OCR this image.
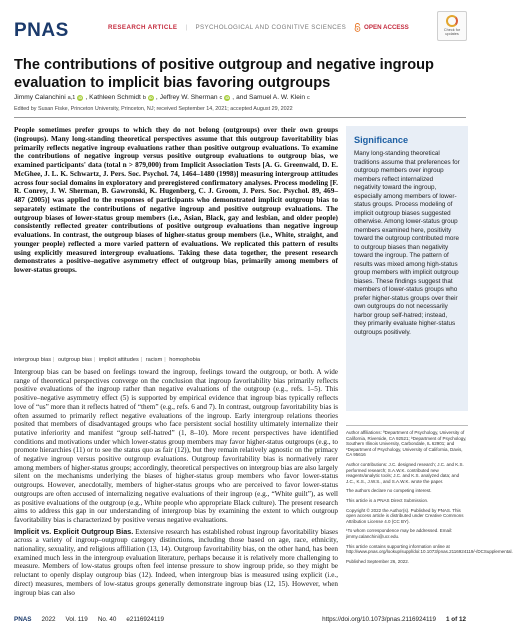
PNAS	RESEARCH ARTICLE | PSYCHOLOGICAL AND COGNITIVE SCIENCES	OPEN ACCESS	Check for updates
The contributions of positive outgroup and negative ingroup evaluation to implicit bias favoring outgroups
Jimmy Calanchini a,1 iD , Kathleen Schmidt b iD , Jeffrey W. Sherman c iD , and Samuel A. W. Klein c
Edited by Susan Fiske, Princeton University, Princeton, NJ; received September 14, 2021; accepted August 29, 2022

People sometimes prefer groups to which they do not belong (outgroups) over their own groups (ingroups). Many long-standing theoretical perspectives assume that this outgroup favoritability bias primarily reflects negative ingroup evaluations rather than positive outgroup evaluations. To examine the contributions of negative ingroup versus positive outgroup evaluations to outgroup bias, we examined participants' data (total n > 879,000) from Implicit Association Tests [A. G. Greenwald, D. E. McGhee, J. L. K. Schwartz, J. Pers. Soc. Psychol. 74, 1464–1480 (1998)] measuring intergroup attitudes across four social domains in exploratory and preregistered confirmatory analyses. Process modeling [F. R. Conrey, J. W. Sherman, B. Gawronski, K. Hugenberg, C. J. Groom, J. Pers. Soc. Psychol. 89, 469–487 (2005)] was applied to the responses of participants who demonstrated implicit outgroup bias to separately estimate the contributions of negative ingroup and positive outgroup evaluations. The outgroup biases of lower-status group members (i.e., Asian, Black, gay and lesbian, and older people) consistently reflected greater contributions of positive outgroup evaluations than negative ingroup evaluations. In contrast, the outgroup biases of higher-status group members (i.e., White, straight, and younger people) reflected a more varied pattern of evaluations. We replicated this pattern of results using explicitly measured intergroup evaluations. Taking these data together, the present research demonstrates a positive–negative asymmetry effect of outgroup bias, primarily among members of lower-status groups.

intergroup bias | outgroup bias | implicit attitudes | racism | homophobia

Intergroup bias can be based on feelings toward the ingroup, feelings toward the outgroup, or both. A wide range of theoretical perspectives converge on the conclusion that ingroup favoritability bias primarily reflects positive evaluations of the ingroup rather than negative evaluations of the outgroup (e.g., refs. 1–5). This positive–negative asymmetry effect (5) is supported by empirical evidence that ingroup bias typically reflects love of “us” more than it reflects hatred of “them” (e.g., refs. 6 and 7). In contrast, outgroup favoritability bias is often assumed to primarily reflect negative evaluations of the ingroup. Early intergroup relations theories posited that members of disadvantaged groups who face persistent social hostility ultimately internalize their putative inferiority and manifest “group self-hatred” (1, 8–10). More recent perspectives have identified conditions and motivations under which lower-status group members may favor higher-status outgroups (e.g., to promote hierarchies (11) or to see the status quo as fair (12)), but they remain relatively agnostic on the primacy of negative ingroup versus positive outgroup evaluations. Outgroup favoritability bias is normatively rarer among members of higher-status groups; accordingly, theoretical perspectives on intergroup bias are also largely silent on the mechanisms underlying the biases of higher-status group members who favor lower-status outgroups. However, anecdotally, members of higher-status groups who are perceived to favor lower-status outgroups are often accused of internalizing negative evaluations of their ingroup (e.g., “White guilt”), as well as positive evaluations of the outgroup (e.g., White people who appropriate Black culture). The present research aims to address this gap in our understanding of intergroup bias by examining the extent to which outgroup favoritability bias is characterized by positive versus negative evaluations.

Implicit vs. Explicit Outgroup Bias. Extensive research has established robust ingroup favoritability biases across a variety of ingroup–outgroup category distinctions, including those based on age, race, ethnicity, nationality, sexuality, and religious affiliation (13, 14). Outgroup favoritability bias, on the other hand, has been examined much less in the intergroup evaluation literature, perhaps because it is relatively more challenging to measure. Members of low-status groups often feel intense pressure to show ingroup pride, so they might be reluctant to openly display outgroup bias (12). Indeed, when intergroup bias is measured using explicit (i.e., direct) measures, members of low-status groups generally demonstrate ingroup bias (12, 15). However, when ingroup bias can also

Significance

Many long-standing theoretical traditions assume that preferences for outgroup members over ingroup members reflect internalized negativity toward the ingroup, especially among members of lower-status groups. Process modeling of implicit outgroup biases suggested otherwise. Among lower-status group members examined here, positivity toward the outgroup contributed more to outgroup biases than negativity toward the ingroup. The pattern of results was mixed among high-status group members with implicit outgroup biases. These findings suggest that members of lower-status groups who prefer higher-status groups over their own outgroups do not necessarily harbor group self-hatred; instead, they primarily evaluate higher-status outgroups positively.

Author affiliations: ªDepartment of Psychology, University of California, Riverside, CA 92521; ᵇDepartment of Psychology, Southern Illinois University, Carbondale, IL 62901; and ᶜDepartment of Psychology, University of California, Davis, CA 95616

Author contributions: J.C. designed research; J.C. and K.S. performed research; S.A.W.K. contributed new reagents/analytic tools; J.C. and K.S. analyzed data; and J.C., K.S., J.W.S., and S.A.W.K. wrote the paper.

The authors declare no competing interest.

This article is a PNAS Direct Submission.

Copyright © 2022 the Author(s). Published by PNAS. This open access article is distributed under Creative Commons Attribution License 4.0 (CC BY).

¹To whom correspondence may be addressed. Email: jimmy.calanchini@ucr.edu.

This article contains supporting information online at http://www.pnas.org/lookup/suppl/doi:10.1073/pnas.2116924119/-/DCSupplemental.

Published September 26, 2022.

PNAS 2022 Vol. 119 No. 40 e2116924119	https://doi.org/10.1073/pnas.2116924119 1 of 12
